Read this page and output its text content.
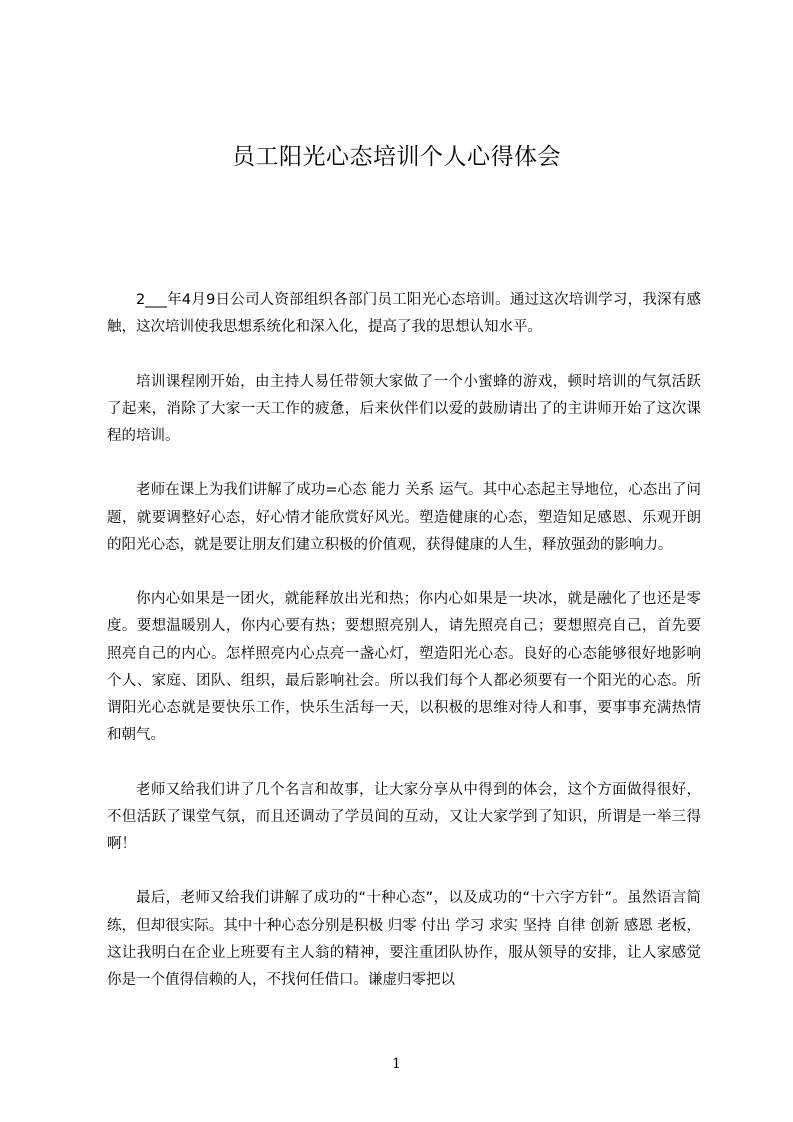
员工阳光心态培训个人心得体会

2___年4月9日公司人资部组织各部门员工阳光心态培训。通过这次培训学习，我深有感触，这次培训使我思想系统化和深入化，提高了我的思想认知水平。

培训课程刚开始，由主持人易任带领大家做了一个小蜜蜂的游戏，顿时培训的气氛活跃了起来，消除了大家一天工作的疲惫，后来伙伴们以爱的鼓励请出了的主讲师开始了这次课程的培训。

老师在课上为我们讲解了成功=心态 能力 关系 运气。其中心态起主导地位，心态出了问题，就要调整好心态，好心情才能欣赏好风光。塑造健康的心态，塑造知足感恩、乐观开朗的阳光心态，就是要让朋友们建立积极的价值观，获得健康的人生，释放强劲的影响力。

你内心如果是一团火，就能释放出光和热；你内心如果是一块冰，就是融化了也还是零度。要想温暖别人，你内心要有热；要想照亮别人，请先照亮自己；要想照亮自己，首先要照亮自己的内心。怎样照亮内心点亮一盏心灯，塑造阳光心态。良好的心态能够很好地影响个人、家庭、团队、组织，最后影响社会。所以我们每个人都必须要有一个阳光的心态。所谓阳光心态就是要快乐工作，快乐生活每一天，以积极的思维对待人和事，要事事充满热情和朝气。

老师又给我们讲了几个名言和故事，让大家分享从中得到的体会，这个方面做得很好，不但活跃了课堂气氛，而且还调动了学员间的互动，又让大家学到了知识，所谓是一举三得啊！

最后，老师又给我们讲解了成功的“十种心态”，以及成功的“十六字方针”。虽然语言简练，但却很实际。其中十种心态分别是积极 归零 付出 学习 求实 坚持 自律 创新 感恩 老板，这让我明白在企业上班要有主人翁的精神，要注重团队协作，服从领导的安排，让人家感觉你是一个值得信赖的人，不找何任借口。谦虚归零把以

1
